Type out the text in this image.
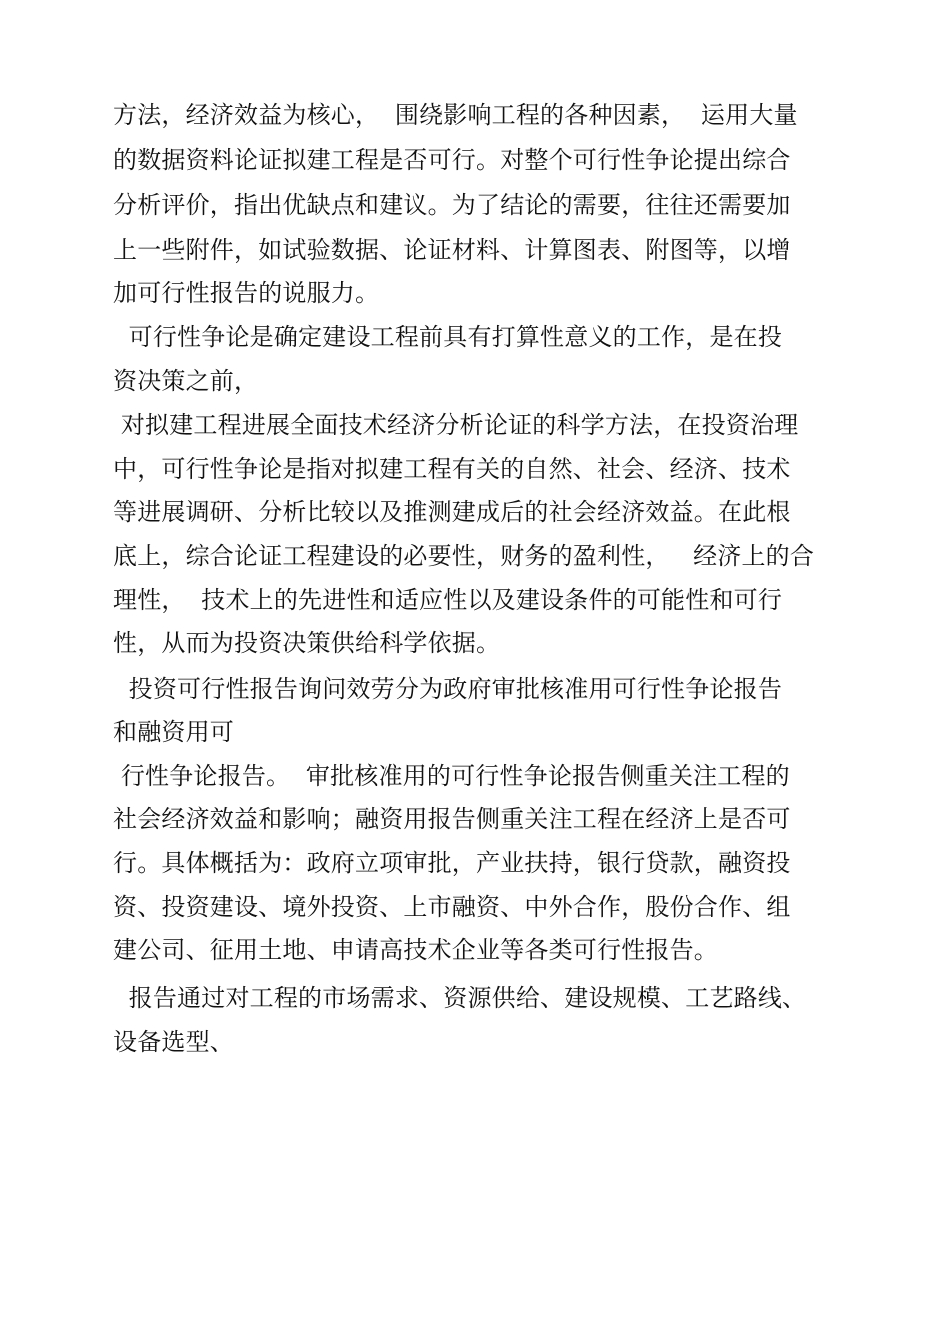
方法，经济效益为核心，  围绕影响工程的各种因素，  运用大量
的数据资料论证拟建工程是否可行。对整个可行性争论提出综合
分析评价，指出优缺点和建议。为了结论的需要，往往还需要加
上一些附件，如试验数据、论证材料、计算图表、附图等，以增
加可行性报告的说服力。
可行性争论是确定建设工程前具有打算性意义的工作，是在投
资决策之前，
对拟建工程进展全面技术经济分析论证的科学方法，在投资治理
中，可行性争论是指对拟建工程有关的自然、社会、经济、技术
等进展调研、分析比较以及推测建成后的社会经济效益。在此根
底上，综合论证工程建设的必要性，财务的盈利性，   经济上的合
理性，  技术上的先进性和适应性以及建设条件的可能性和可行
性，从而为投资决策供给科学依据。
投资可行性报告询问效劳分为政府审批核准用可行性争论报告
和融资用可
行性争论报告。  审批核准用的可行性争论报告侧重关注工程的
社会经济效益和影响；融资用报告侧重关注工程在经济上是否可
行。具体概括为：政府立项审批，产业扶持，银行贷款，融资投
资、投资建设、境外投资、上市融资、中外合作，股份合作、组
建公司、征用土地、申请高技术企业等各类可行性报告。
报告通过对工程的市场需求、资源供给、建设规模、工艺路线、
设备选型、
